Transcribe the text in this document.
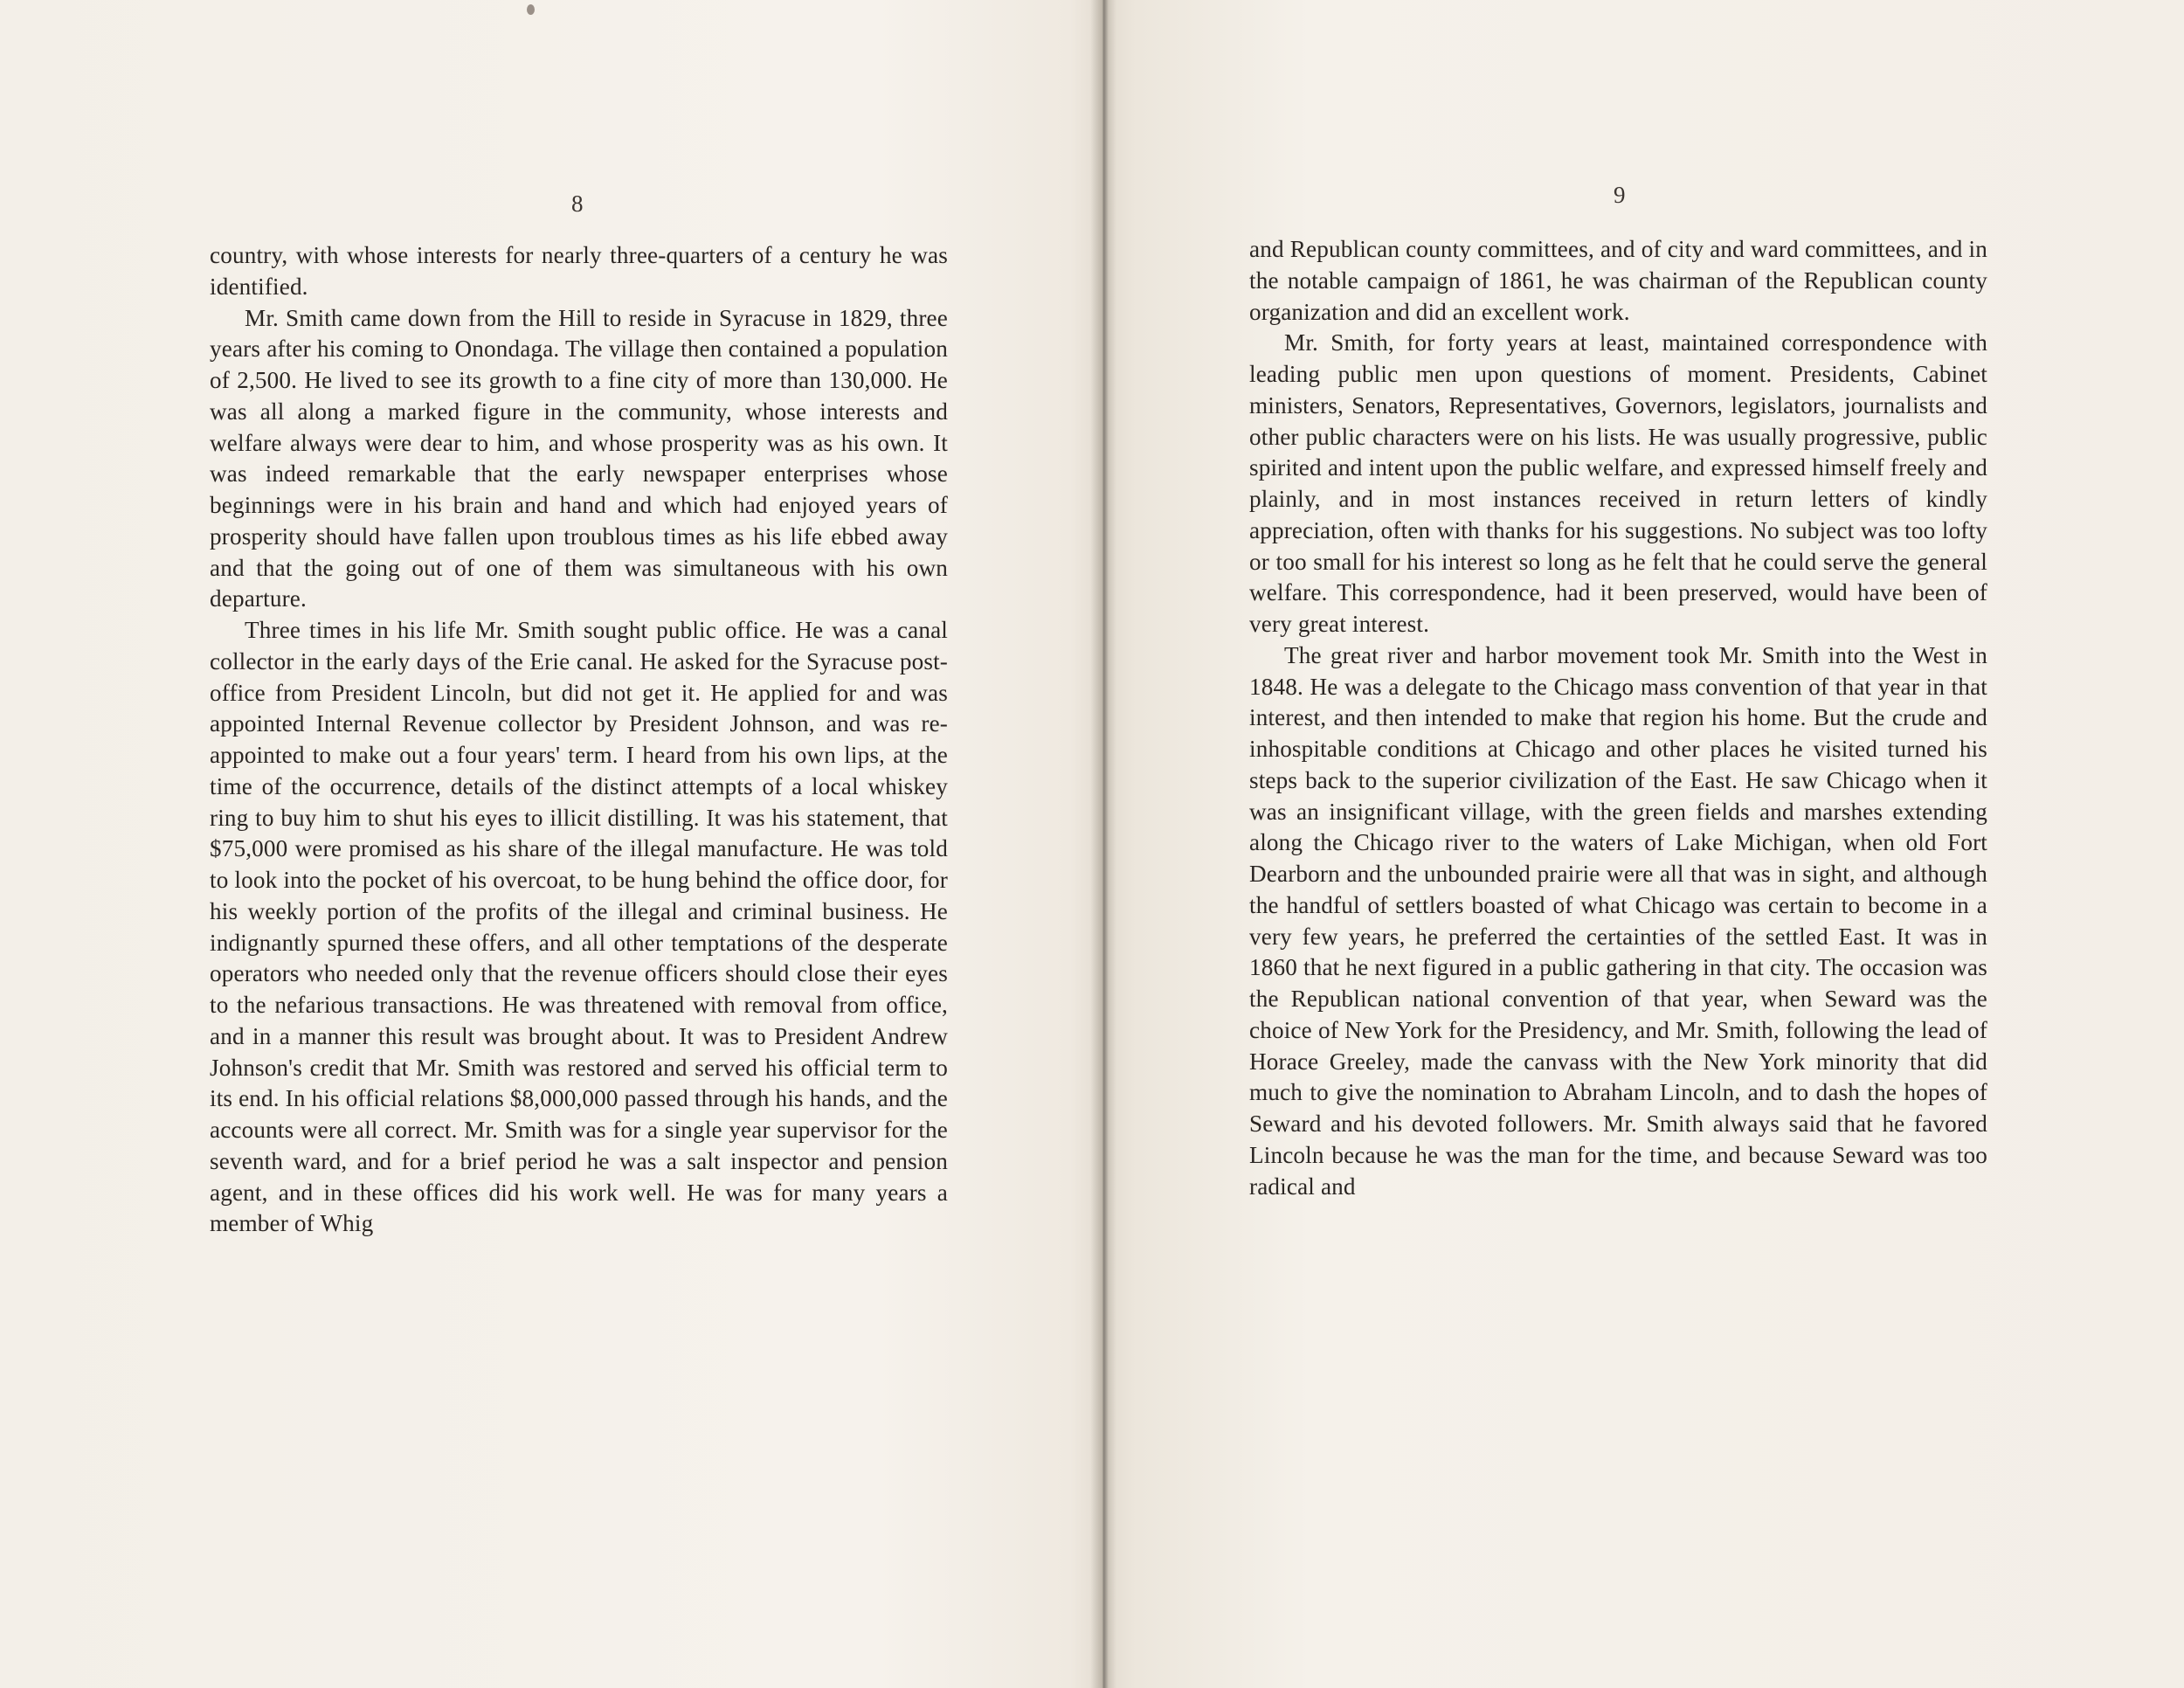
8

country, with whose interests for nearly three-quarters of a century he was identified.

Mr. Smith came down from the Hill to reside in Syracuse in 1829, three years after his coming to Onondaga. The village then contained a population of 2,500. He lived to see its growth to a fine city of more than 130,000. He was all along a marked figure in the community, whose interests and welfare always were dear to him, and whose prosperity was as his own. It was indeed remarkable that the early newspaper enterprises whose beginnings were in his brain and hand and which had enjoyed years of prosperity should have fallen upon troublous times as his life ebbed away and that the going out of one of them was simultaneous with his own departure.

Three times in his life Mr. Smith sought public office. He was a canal collector in the early days of the Erie canal. He asked for the Syracuse post-office from President Lincoln, but did not get it. He applied for and was appointed Internal Revenue collector by President Johnson, and was re-appointed to make out a four years' term. I heard from his own lips, at the time of the occurrence, details of the distinct attempts of a local whiskey ring to buy him to shut his eyes to illicit distilling. It was his statement, that $75,000 were promised as his share of the illegal manufacture. He was told to look into the pocket of his overcoat, to be hung behind the office door, for his weekly portion of the profits of the illegal and criminal business. He indignantly spurned these offers, and all other temptations of the desperate operators who needed only that the revenue officers should close their eyes to the nefarious transactions. He was threatened with removal from office, and in a manner this result was brought about. It was to President Andrew Johnson's credit that Mr. Smith was restored and served his official term to its end. In his official relations $8,000,000 passed through his hands, and the accounts were all correct. Mr. Smith was for a single year supervisor for the seventh ward, and for a brief period he was a salt inspector and pension agent, and in these offices did his work well. He was for many years a member of Whig

9

and Republican county committees, and of city and ward committees, and in the notable campaign of 1861, he was chairman of the Republican county organization and did an excellent work.

Mr. Smith, for forty years at least, maintained correspondence with leading public men upon questions of moment. Presidents, Cabinet ministers, Senators, Representatives, Governors, legislators, journalists and other public characters were on his lists. He was usually progressive, public spirited and intent upon the public welfare, and expressed himself freely and plainly, and in most instances received in return letters of kindly appreciation, often with thanks for his suggestions. No subject was too lofty or too small for his interest so long as he felt that he could serve the general welfare. This correspondence, had it been preserved, would have been of very great interest.

The great river and harbor movement took Mr. Smith into the West in 1848. He was a delegate to the Chicago mass convention of that year in that interest, and then intended to make that region his home. But the crude and inhospitable conditions at Chicago and other places he visited turned his steps back to the superior civilization of the East. He saw Chicago when it was an insignificant village, with the green fields and marshes extending along the Chicago river to the waters of Lake Michigan, when old Fort Dearborn and the unbounded prairie were all that was in sight, and although the handful of settlers boasted of what Chicago was certain to become in a very few years, he preferred the certainties of the settled East. It was in 1860 that he next figured in a public gathering in that city. The occasion was the Republican national convention of that year, when Seward was the choice of New York for the Presidency, and Mr. Smith, following the lead of Horace Greeley, made the canvass with the New York minority that did much to give the nomination to Abraham Lincoln, and to dash the hopes of Seward and his devoted followers. Mr. Smith always said that he favored Lincoln because he was the man for the time, and because Seward was too radical and
